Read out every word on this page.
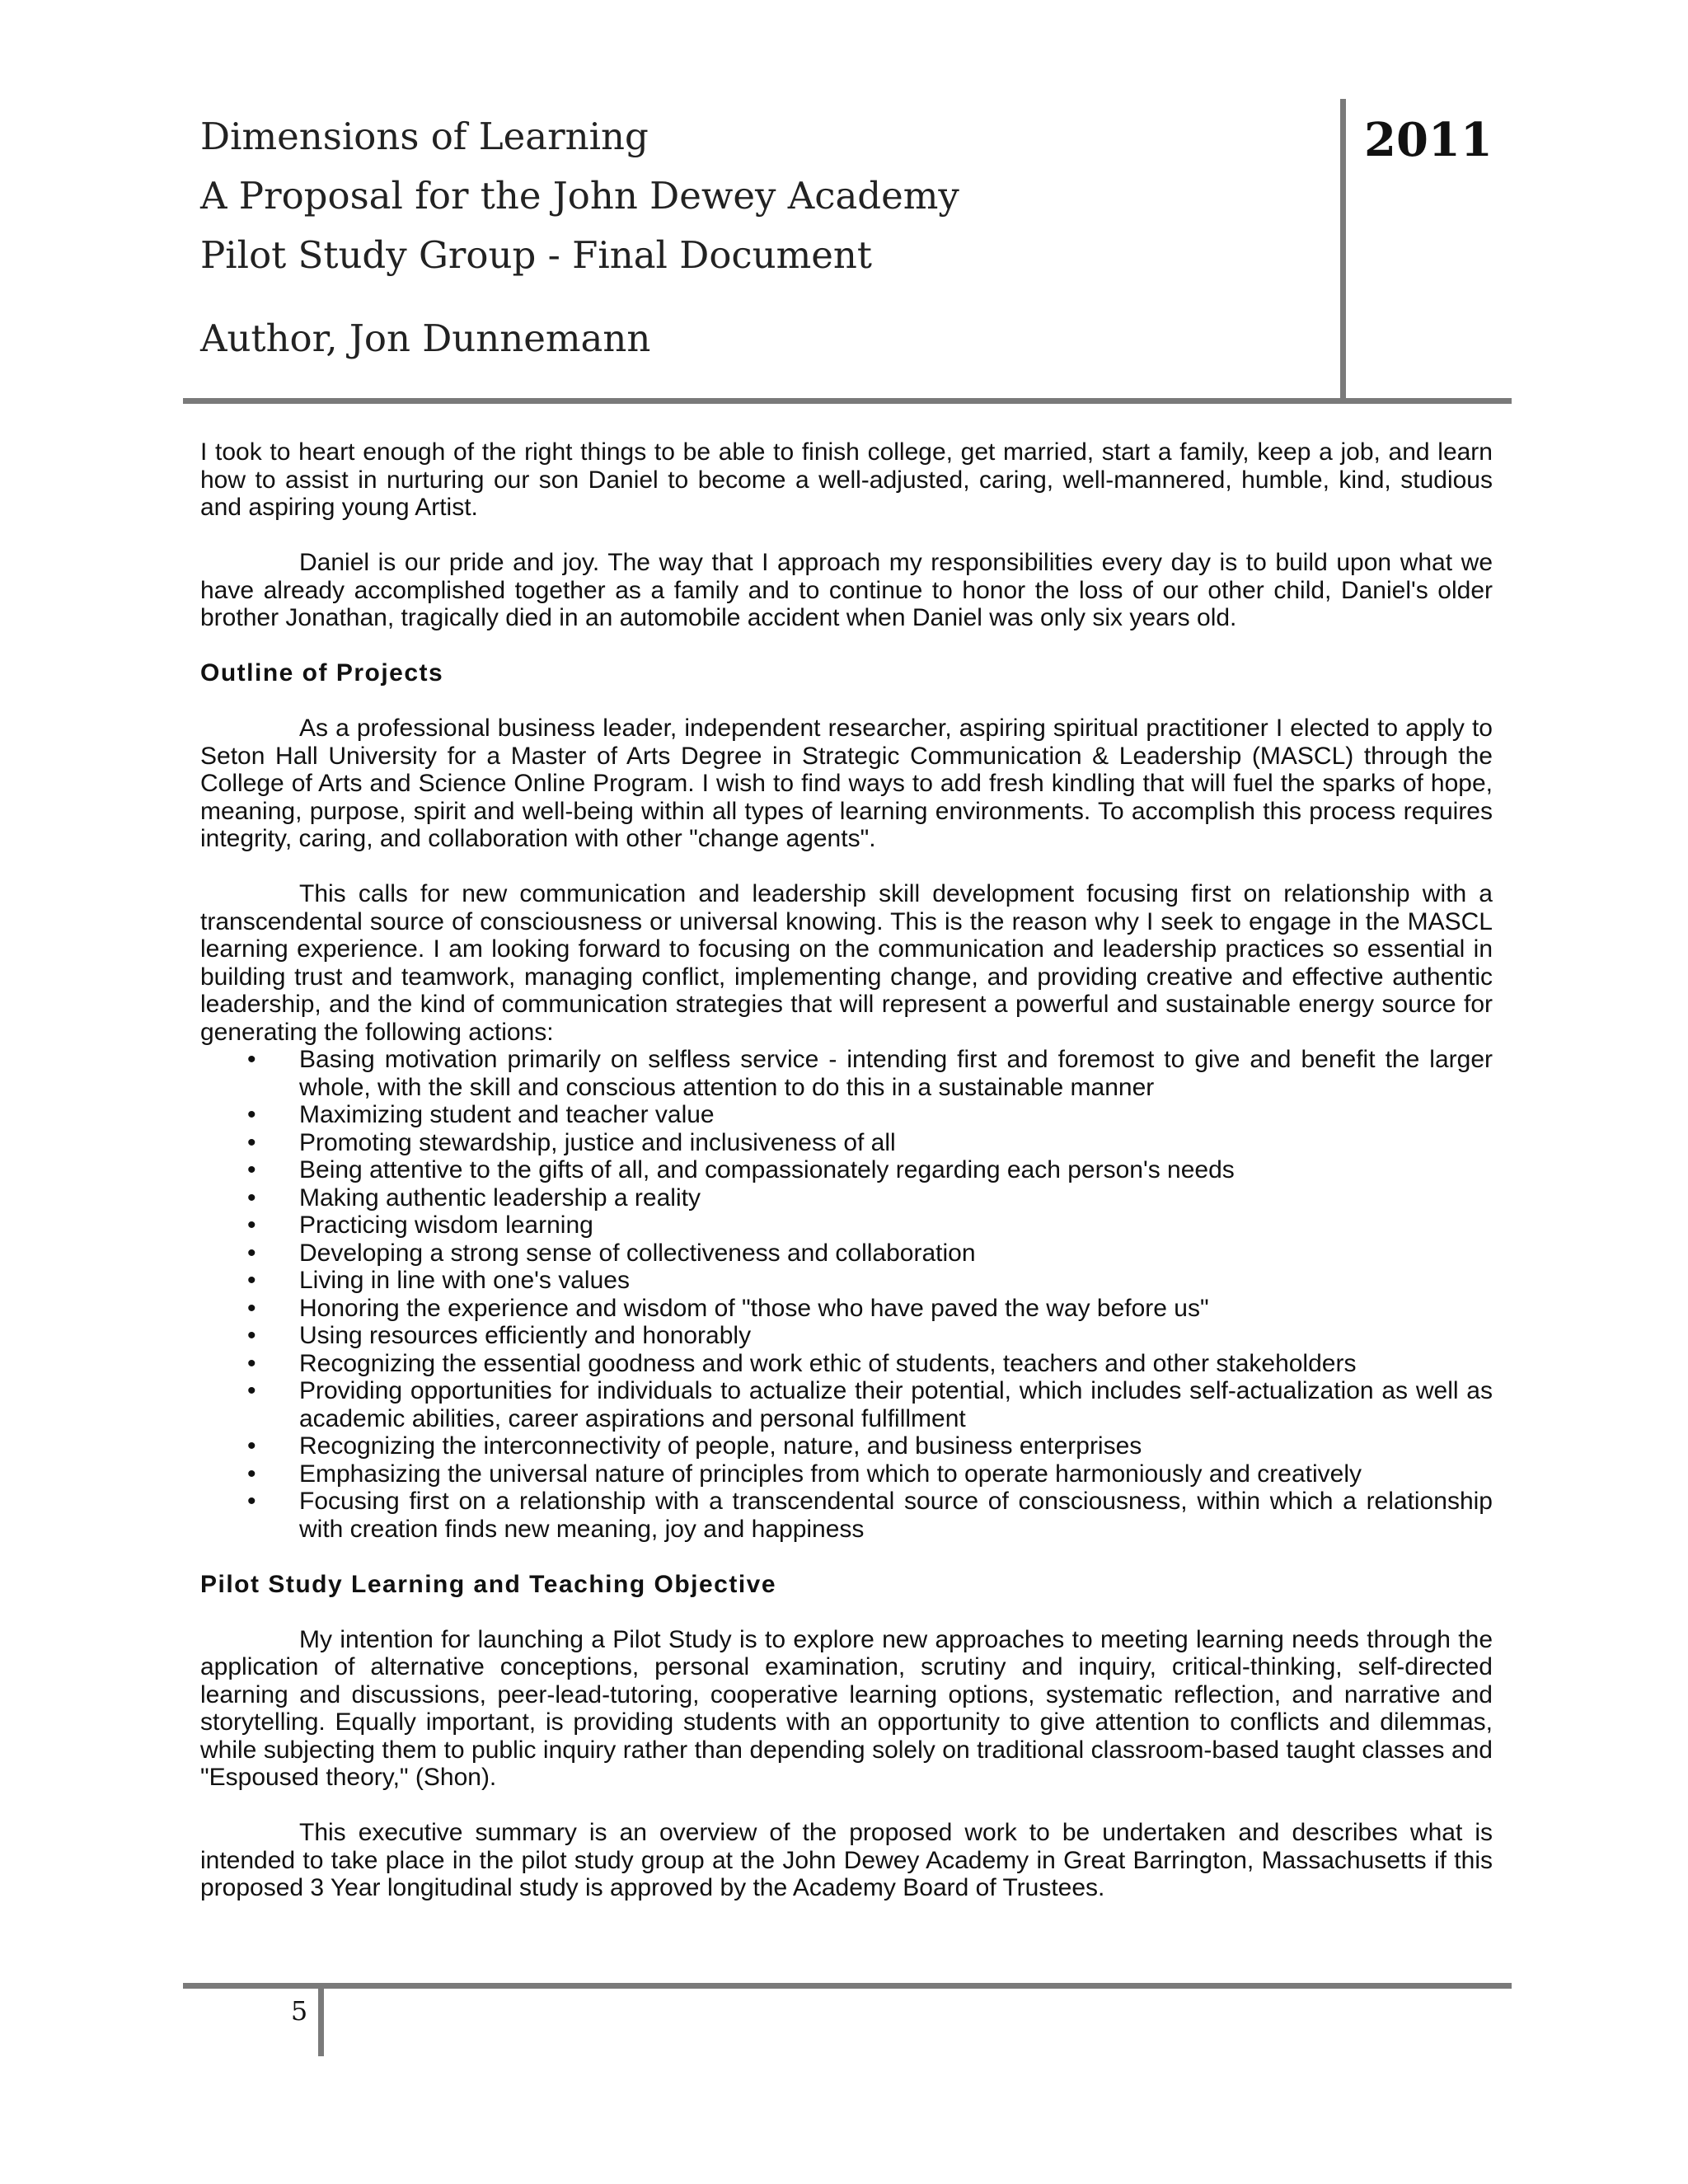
Dimensions of Learning
A Proposal for the John Dewey Academy
Pilot Study Group - Final Document
Author, Jon Dunnemann
2011

I took to heart enough of the right things to be able to finish college, get married, start a family, keep a job, and learn how to assist in nurturing our son Daniel to become a well-adjusted, caring, well-mannered, humble, kind, studious and aspiring young Artist.

Daniel is our pride and joy. The way that I approach my responsibilities every day is to build upon what we have already accomplished together as a family and to continue to honor the loss of our other child, Daniel's older brother Jonathan, tragically died in an automobile accident when Daniel was only six years old.

Outline of Projects

As a professional business leader, independent researcher, aspiring spiritual practitioner I elected to apply to Seton Hall University for a Master of Arts Degree in Strategic Communication & Leadership (MASCL) through the College of Arts and Science Online Program. I wish to find ways to add fresh kindling that will fuel the sparks of hope, meaning, purpose, spirit and well-being within all types of learning environments. To accomplish this process requires integrity, caring, and collaboration with other "change agents".

This calls for new communication and leadership skill development focusing first on relationship with a transcendental source of consciousness or universal knowing. This is the reason why I seek to engage in the MASCL learning experience. I am looking forward to focusing on the communication and leadership practices so essential in building trust and teamwork, managing conflict, implementing change, and providing creative and effective authentic leadership, and the kind of communication strategies that will represent a powerful and sustainable energy source for generating the following actions:

• Basing motivation primarily on selfless service - intending first and foremost to give and benefit the larger whole, with the skill and conscious attention to do this in a sustainable manner
• Maximizing student and teacher value
• Promoting stewardship, justice and inclusiveness of all
• Being attentive to the gifts of all, and compassionately regarding each person's needs
• Making authentic leadership a reality
• Practicing wisdom learning
• Developing a strong sense of collectiveness and collaboration
• Living in line with one's values
• Honoring the experience and wisdom of "those who have paved the way before us"
• Using resources efficiently and honorably
• Recognizing the essential goodness and work ethic of students, teachers and other stakeholders
• Providing opportunities for individuals to actualize their potential, which includes self-actualization as well as academic abilities, career aspirations and personal fulfillment
• Recognizing the interconnectivity of people, nature, and business enterprises
• Emphasizing the universal nature of principles from which to operate harmoniously and creatively
• Focusing first on a relationship with a transcendental source of consciousness, within which a relationship with creation finds new meaning, joy and happiness
Pilot Study Learning and Teaching Objective

My intention for launching a Pilot Study is to explore new approaches to meeting learning needs through the application of alternative conceptions, personal examination, scrutiny and inquiry, critical-thinking, self-directed learning and discussions, peer-lead-tutoring, cooperative learning options, systematic reflection, and narrative and storytelling. Equally important, is providing students with an opportunity to give attention to conflicts and dilemmas, while subjecting them to public inquiry rather than depending solely on traditional classroom-based taught classes and "Espoused theory," (Shon).

This executive summary is an overview of the proposed work to be undertaken and describes what is intended to take place in the pilot study group at the John Dewey Academy in Great Barrington, Massachusetts if this proposed 3 Year longitudinal study is approved by the Academy Board of Trustees.

5
